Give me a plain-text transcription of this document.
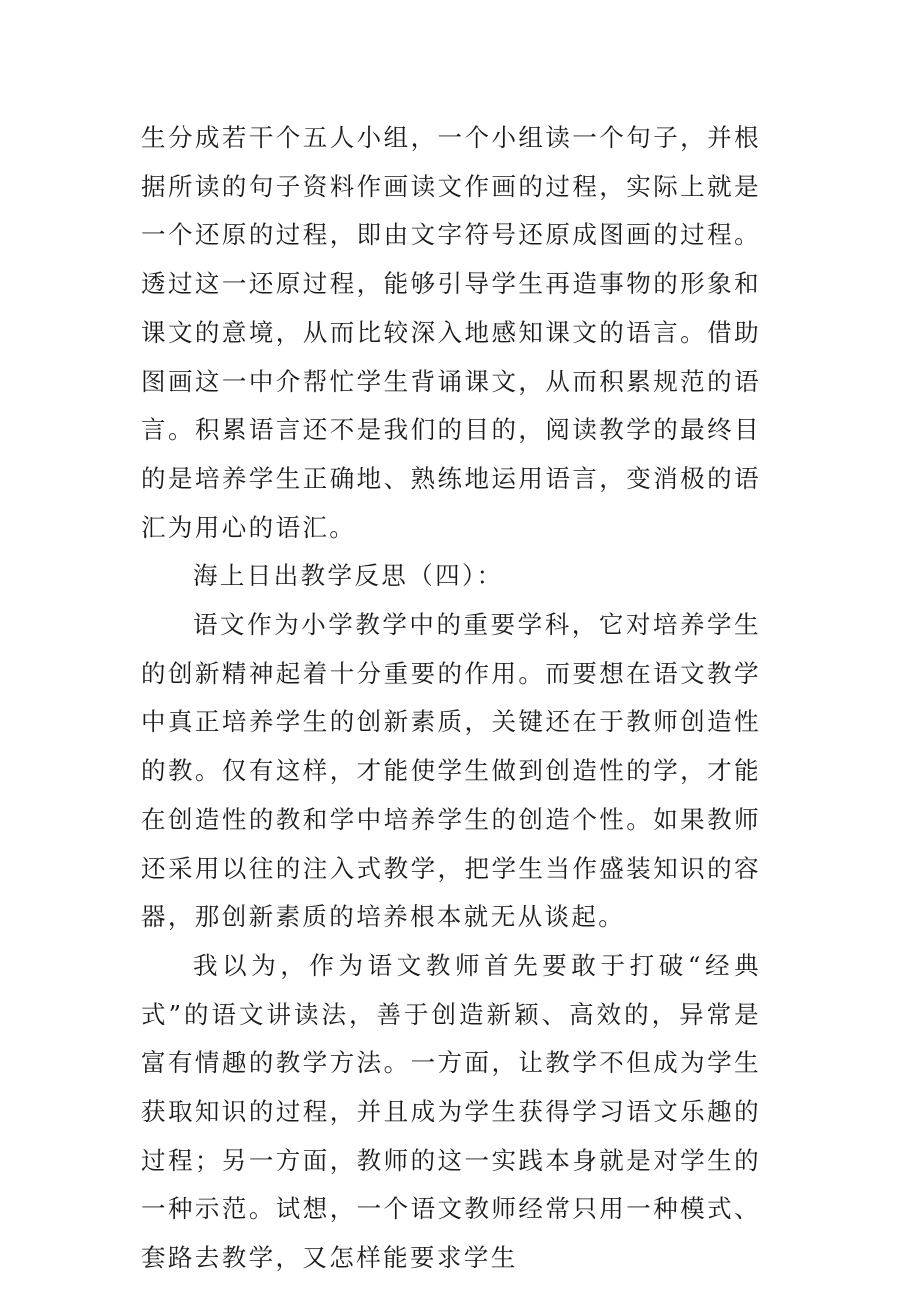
生分成若干个五人小组，一个小组读一个句子，并根据所读的句子资料作画读文作画的过程，实际上就是一个还原的过程，即由文字符号还原成图画的过程。透过这一还原过程，能够引导学生再造事物的形象和课文的意境，从而比较深入地感知课文的语言。借助图画这一中介帮忙学生背诵课文，从而积累规范的语言。积累语言还不是我们的目的，阅读教学的最终目的是培养学生正确地、熟练地运用语言，变消极的语汇为用心的语汇。

海上日出教学反思（四）：

语文作为小学教学中的重要学科，它对培养学生的创新精神起着十分重要的作用。而要想在语文教学中真正培养学生的创新素质，关键还在于教师创造性的教。仅有这样，才能使学生做到创造性的学，才能在创造性的教和学中培养学生的创造个性。如果教师还采用以往的注入式教学，把学生当作盛装知识的容器，那创新素质的培养根本就无从谈起。

我以为，作为语文教师首先要敢于打破“经典式”的语文讲读法，善于创造新颖、高效的，异常是富有情趣的教学方法。一方面，让教学不但成为学生获取知识的过程，并且成为学生获得学习语文乐趣的过程；另一方面，教师的这一实践本身就是对学生的一种示范。试想，一个语文教师经常只用一种模式、套路去教学，又怎样能要求学生
